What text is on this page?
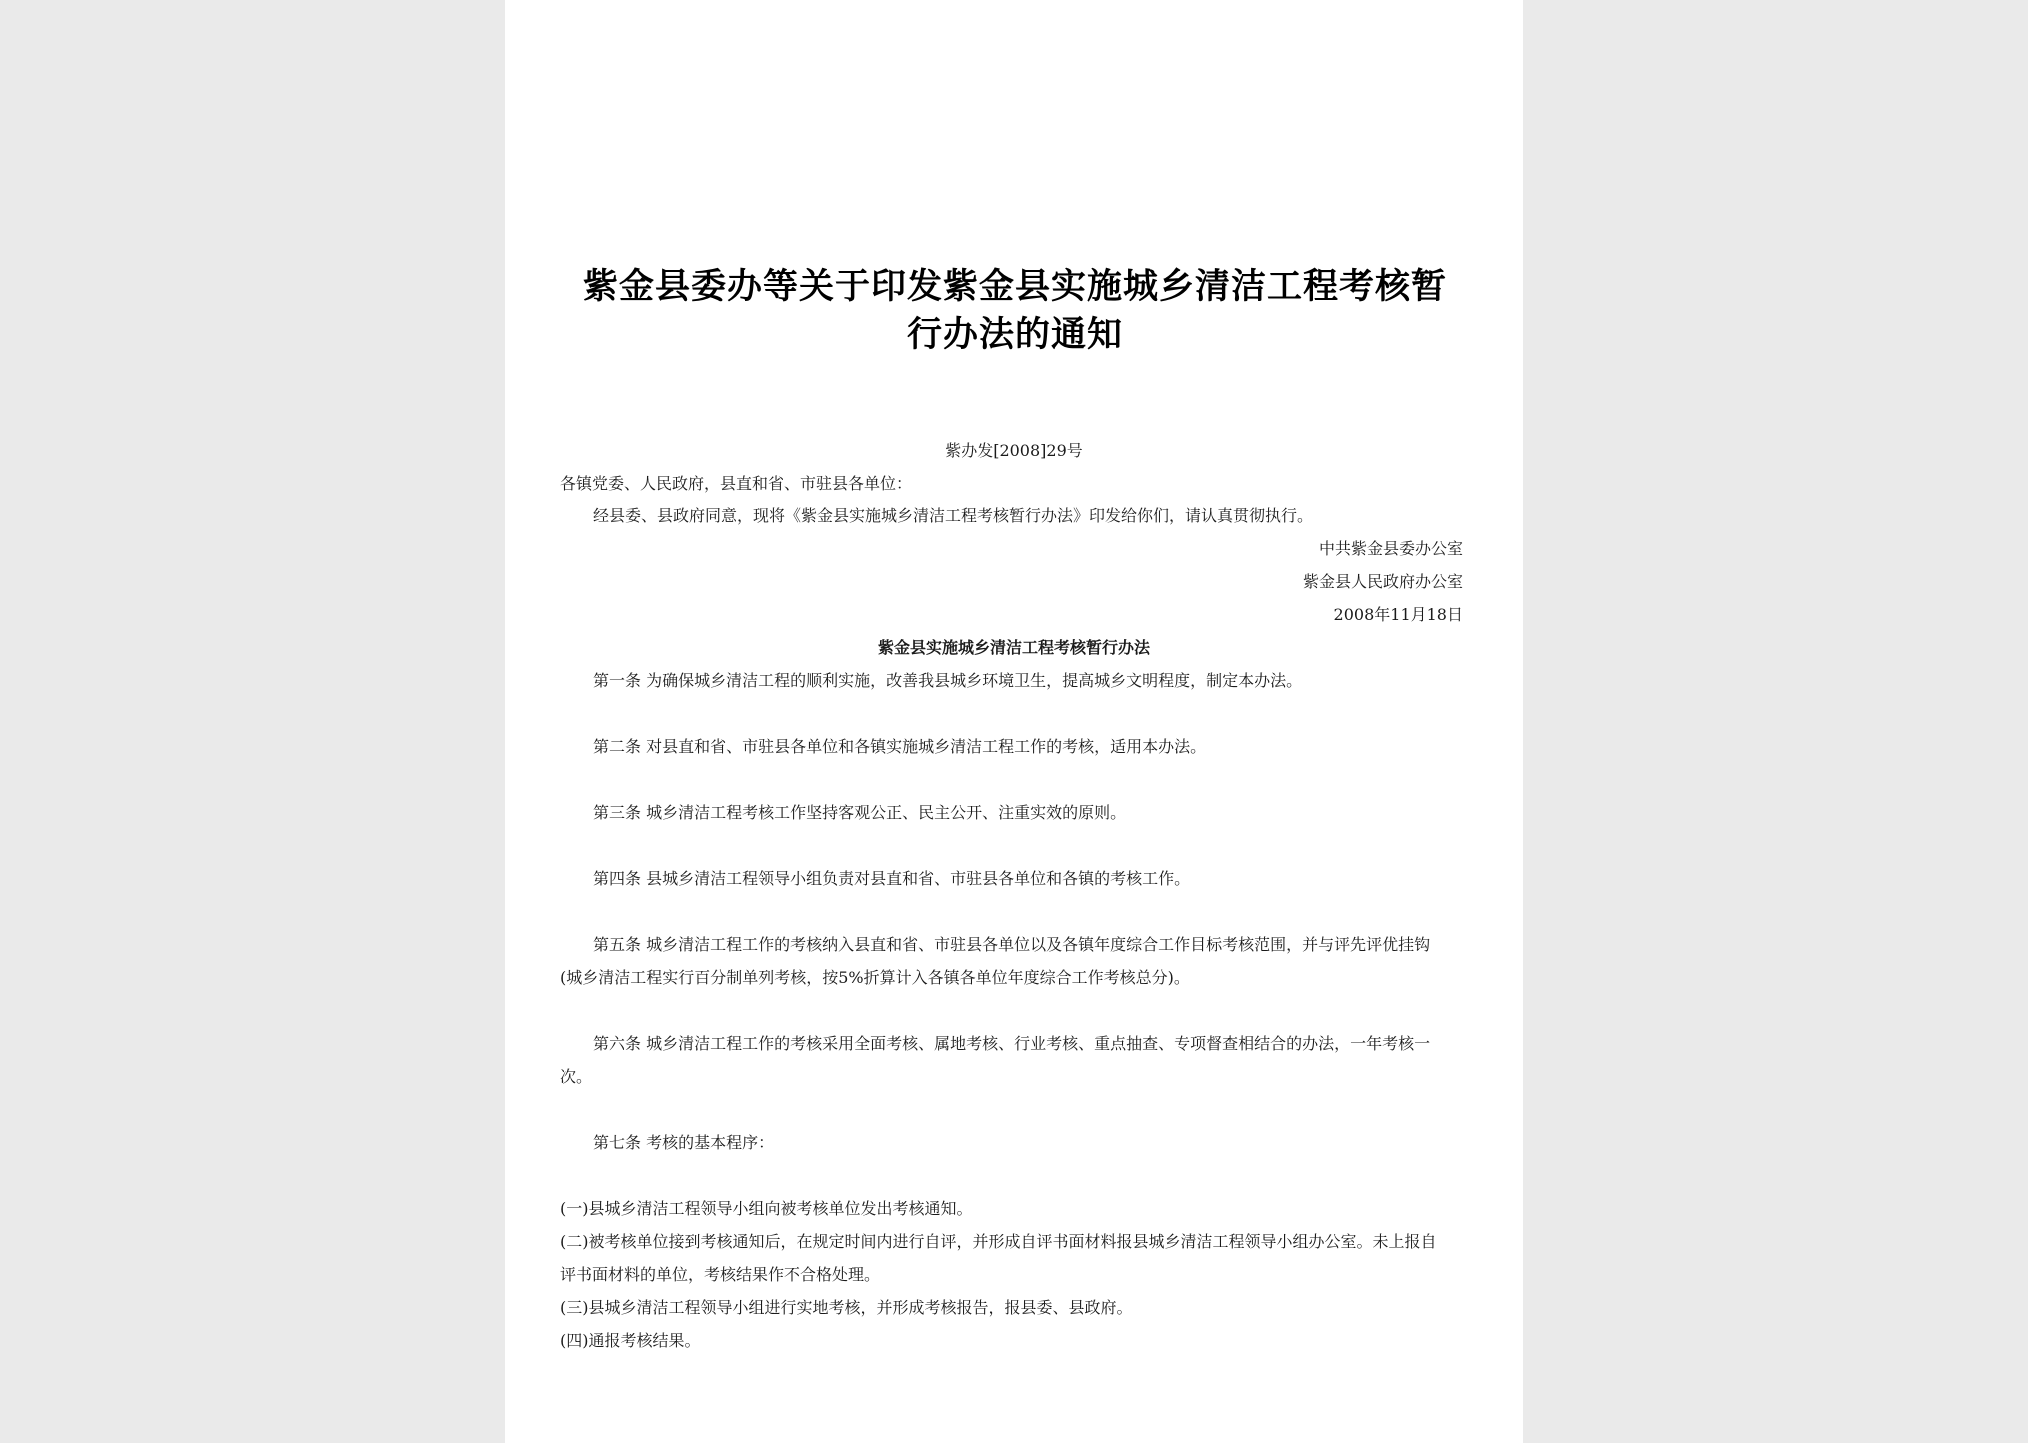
紫金县委办等关于印发紫金县实施城乡清洁工程考核暂
行办法的通知
紫办发[2008]29号
各镇党委、人民政府，县直和省、市驻县各单位：
经县委、县政府同意，现将《紫金县实施城乡清洁工程考核暂行办法》印发给你们，请认真贯彻执行。
中共紫金县委办公室
紫金县人民政府办公室
2008年11月18日
紫金县实施城乡清洁工程考核暂行办法
第一条 为确保城乡清洁工程的顺利实施，改善我县城乡环境卫生，提高城乡文明程度，制定本办法。
第二条 对县直和省、市驻县各单位和各镇实施城乡清洁工程工作的考核，适用本办法。
第三条 城乡清洁工程考核工作坚持客观公正、民主公开、注重实效的原则。
第四条 县城乡清洁工程领导小组负责对县直和省、市驻县各单位和各镇的考核工作。
第五条 城乡清洁工程工作的考核纳入县直和省、市驻县各单位以及各镇年度综合工作目标考核范围，并与评先评优挂钩
(城乡清洁工程实行百分制单列考核，按5%折算计入各镇各单位年度综合工作考核总分)。
第六条 城乡清洁工程工作的考核采用全面考核、属地考核、行业考核、重点抽查、专项督查相结合的办法，一年考核一
次。
第七条 考核的基本程序：
(一)县城乡清洁工程领导小组向被考核单位发出考核通知。
(二)被考核单位接到考核通知后，在规定时间内进行自评，并形成自评书面材料报县城乡清洁工程领导小组办公室。未上报自
评书面材料的单位，考核结果作不合格处理。
(三)县城乡清洁工程领导小组进行实地考核，并形成考核报告，报县委、县政府。
(四)通报考核结果。
